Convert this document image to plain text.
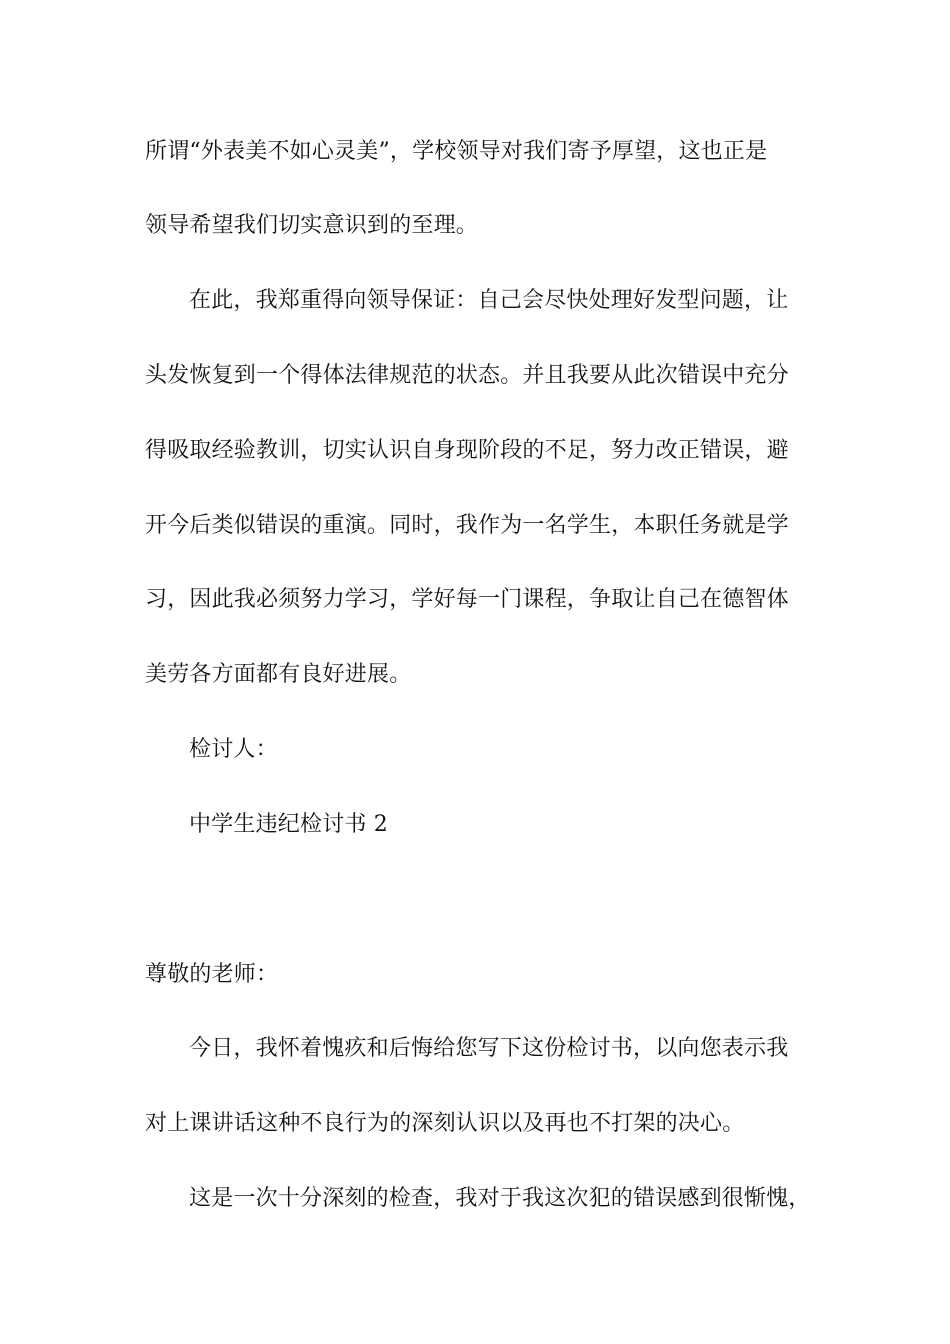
所谓“外表美不如心灵美”，学校领导对我们寄予厚望，这也正是
领导希望我们切实意识到的至理。
在此，我郑重得向领导保证：自己会尽快处理好发型问题，让
头发恢复到一个得体法律规范的状态。并且我要从此次错误中充分
得吸取经验教训，切实认识自身现阶段的不足，努力改正错误，避
开今后类似错误的重演。同时，我作为一名学生，本职任务就是学
习，因此我必须努力学习，学好每一门课程，争取让自己在德智体
美劳各方面都有良好进展。
检讨人：
中学生违纪检讨书 2
尊敬的老师：
今日，我怀着愧疚和后悔给您写下这份检讨书，以向您表示我
对上课讲话这种不良行为的深刻认识以及再也不打架的决心。
这是一次十分深刻的检查，我对于我这次犯的错误感到很惭愧，
